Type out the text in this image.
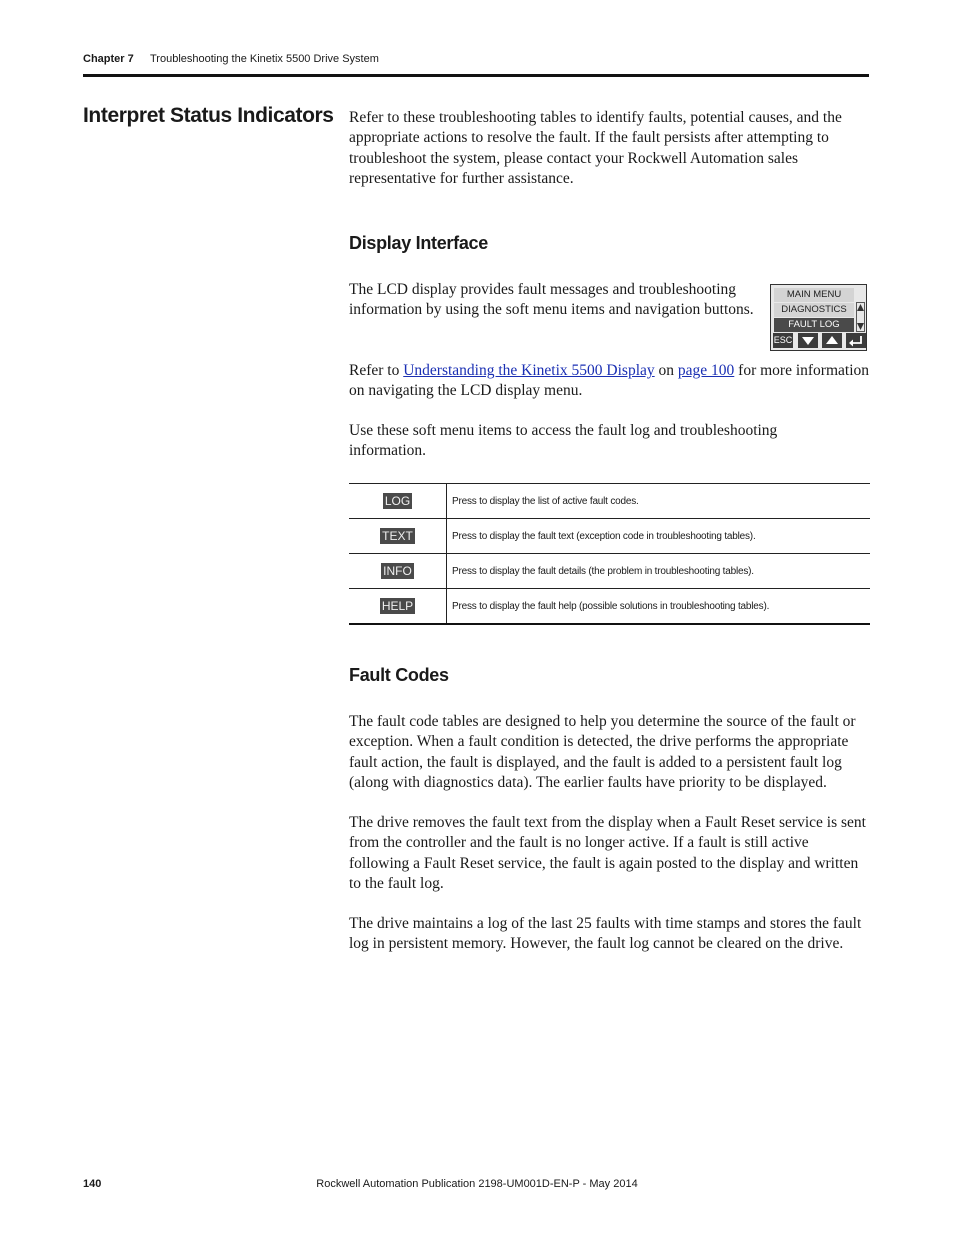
Chapter 7 Troubleshooting the Kinetix 5500 Drive System
Interpret Status Indicators Refer to these troubleshooting tables to identify faults, potential causes, and the appropriate actions to resolve the fault. If the fault persists after attempting to troubleshoot the system, please contact your Rockwell Automation sales representative for further assistance.

Display Interface

The LCD display provides fault messages and troubleshooting information by using the soft menu items and navigation buttons.

MAIN MENU
DIAGNOSTICS
FAULT LOG
ESC

Refer to Understanding the Kinetix 5500 Display on page 100 for more information on navigating the LCD display menu.

Use these soft menu items to access the fault log and troubleshooting information.

LOG	Press to display the list of active fault codes.
TEXT	Press to display the fault text (exception code in troubleshooting tables).
INFO	Press to display the fault details (the problem in troubleshooting tables).
HELP	Press to display the fault help (possible solutions in troubleshooting tables).
Fault Codes

The fault code tables are designed to help you determine the source of the fault or exception. When a fault condition is detected, the drive performs the appropriate fault action, the fault is displayed, and the fault is added to a persistent fault log (along with diagnostics data). The earlier faults have priority to be displayed.

The drive removes the fault text from the display when a Fault Reset service is sent from the controller and the fault is no longer active. If a fault is still active following a Fault Reset service, the fault is again posted to the display and written to the fault log.

The drive maintains a log of the last 25 faults with time stamps and stores the fault log in persistent memory. However, the fault log cannot be cleared on the drive.

140	Rockwell Automation Publication 2198-UM001D-EN-P - May 2014
